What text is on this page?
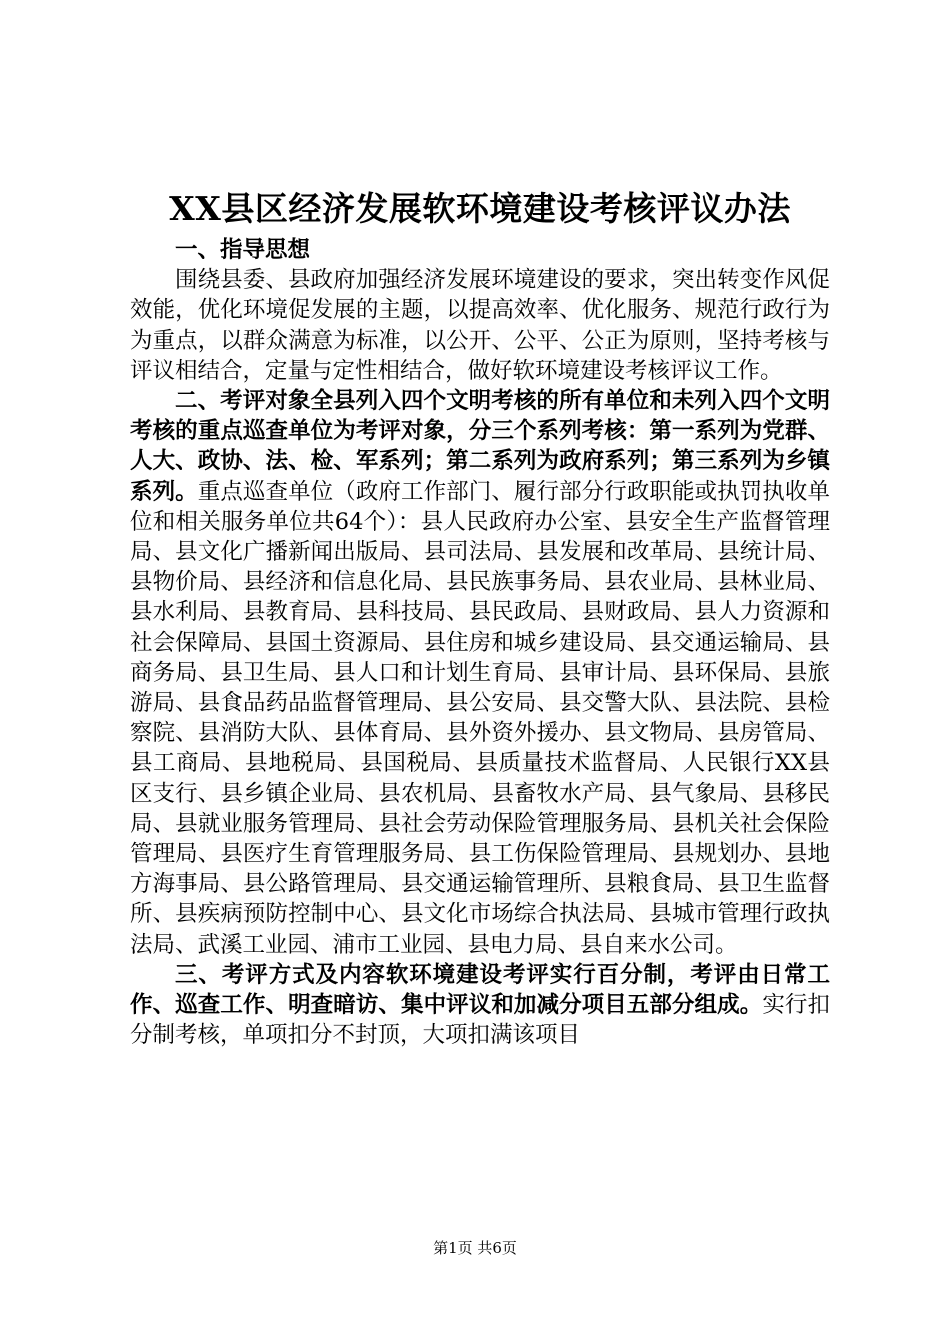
XX县区经济发展软环境建设考核评议办法

一、指导思想

围绕县委、县政府加强经济发展环境建设的要求，突出转变作风促效能，优化环境促发展的主题，以提高效率、优化服务、规范行政行为为重点，以群众满意为标准，以公开、公平、公正为原则，坚持考核与评议相结合，定量与定性相结合，做好软环境建设考核评议工作。

二、考评对象全县列入四个文明考核的所有单位和未列入四个文明考核的重点巡查单位为考评对象，分三个系列考核：第一系列为党群、人大、政协、法、检、军系列；第二系列为政府系列；第三系列为乡镇系列。重点巡查单位（政府工作部门、履行部分行政职能或执罚执收单位和相关服务单位共64个）：县人民政府办公室、县安全生产监督管理局、县文化广播新闻出版局、县司法局、县发展和改革局、县统计局、县物价局、县经济和信息化局、县民族事务局、县农业局、县林业局、县水利局、县教育局、县科技局、县民政局、县财政局、县人力资源和社会保障局、县国土资源局、县住房和城乡建设局、县交通运输局、县商务局、县卫生局、县人口和计划生育局、县审计局、县环保局、县旅游局、县食品药品监督管理局、县公安局、县交警大队、县法院、县检察院、县消防大队、县体育局、县外资外援办、县文物局、县房管局、县工商局、县地税局、县国税局、县质量技术监督局、人民银行XX县区支行、县乡镇企业局、县农机局、县畜牧水产局、县气象局、县移民局、县就业服务管理局、县社会劳动保险管理服务局、县机关社会保险管理局、县医疗生育管理服务局、县工伤保险管理局、县规划办、县地方海事局、县公路管理局、县交通运输管理所、县粮食局、县卫生监督所、县疾病预防控制中心、县文化市场综合执法局、县城市管理行政执法局、武溪工业园、浦市工业园、县电力局、县自来水公司。

三、考评方式及内容软环境建设考评实行百分制，考评由日常工作、巡查工作、明查暗访、集中评议和加减分项目五部分组成。实行扣分制考核，单项扣分不封顶，大项扣满该项目

第1页 共6页
